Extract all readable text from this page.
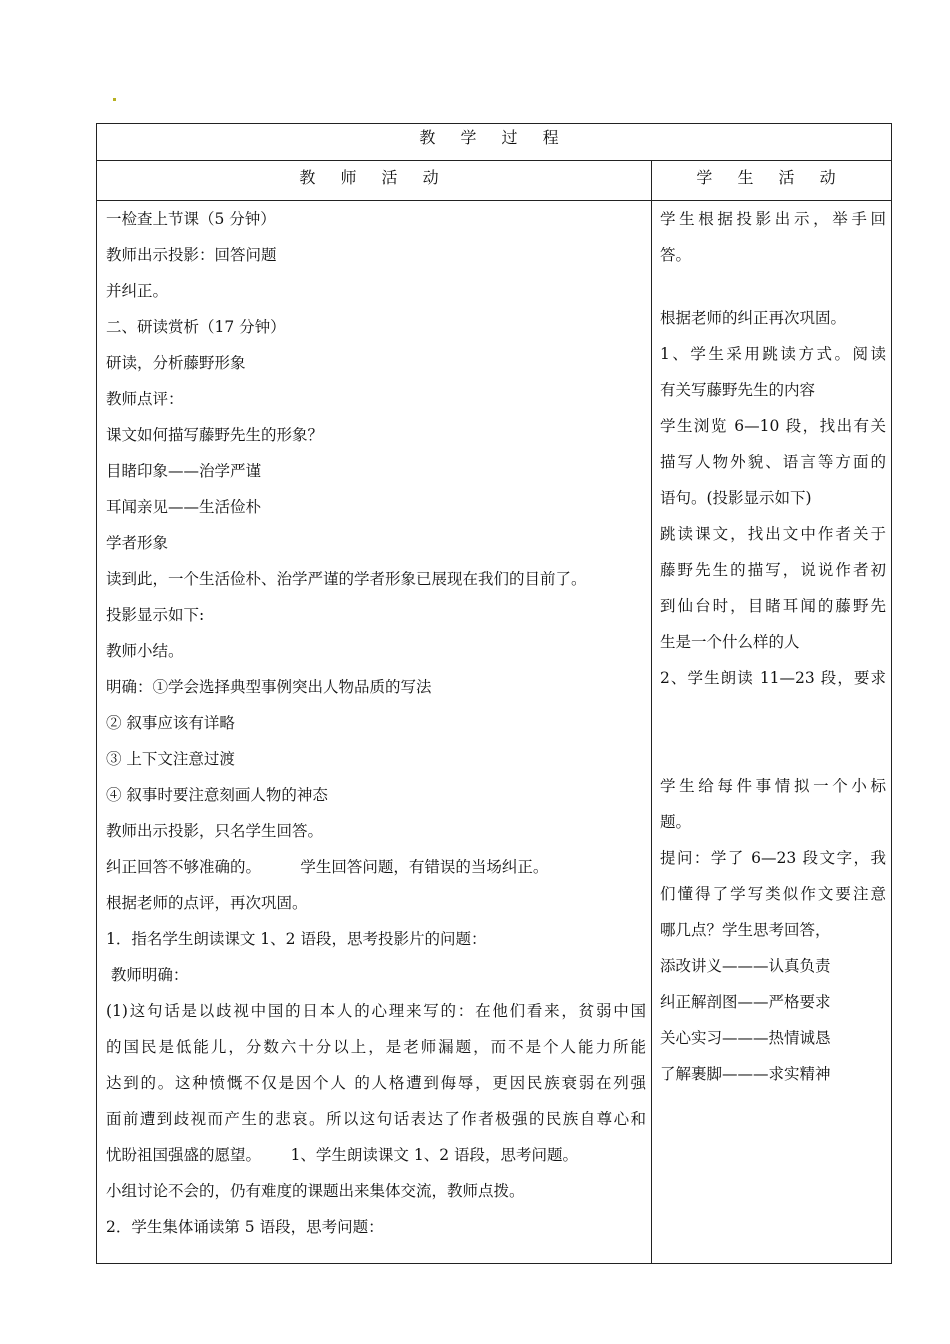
教 学 过 程
教 师 活 动	学 生 活 动
一检查上节课（5 分钟）
教师出示投影：回答问题
并纠正。
二、研读赏析（17 分钟）
研读，分析藤野形象
教师点评：
课文如何描写藤野先生的形象？
目睹印象——治学严谨
耳闻亲见——生活俭朴
学者形象
读到此，一个生活俭朴、治学严谨的学者形象已展现在我们的目前了。
投影显示如下:
教师小结。
明确：①学会选择典型事例突出人物品质的写法
② 叙事应该有详略
③ 上下文注意过渡
④ 叙事时要注意刻画人物的神态
教师出示投影，只名学生回答。
纠正回答不够准确的。        学生回答问题，有错误的当场纠正。
根据老师的点评，再次巩固。
1．指名学生朗读课文 1、2 语段，思考投影片的问题：
教师明确：
(1)这句话是以歧视中国的日本人的心理来写的：在他们看来，贫弱中国
的国民是低能儿，分数六十分以上，是老师漏题，而不是个人能力所能
达到的。这种愤慨不仅是因个人 的人格遭到侮辱，更因民族衰弱在列强
面前遭到歧视而产生的悲哀。所以这句话表达了作者极强的民族自尊心和
忧盼祖国强盛的愿望。      1、学生朗读课文 1、2 语段，思考问题。
小组讨论不会的，仍有难度的课题出来集体交流，教师点拨。
2．学生集体诵读第 5 语段，思考问题：
学生根据投影出示，举手回
答。
根据老师的纠正再次巩固。
1、学生采用跳读方式。阅读
有关写藤野先生的内容
学生浏览 6—10 段，找出有关
描写人物外貌、语言等方面的
语句。(投影显示如下)
跳读课文，找出文中作者关于
藤野先生的描写，说说作者初
到仙台时，目睹耳闻的藤野先
生是一个什么样的人
2、学生朗读 11—23 段，要求
学生给每件事情拟一个小标
题。
提问：学了 6—23 段文字，我
们懂得了学写类似作文要注意
哪几点？学生思考回答，
添改讲义———认真负责
纠正解剖图——严格要求
关心实习———热情诚恳
了解裹脚———求实精神
